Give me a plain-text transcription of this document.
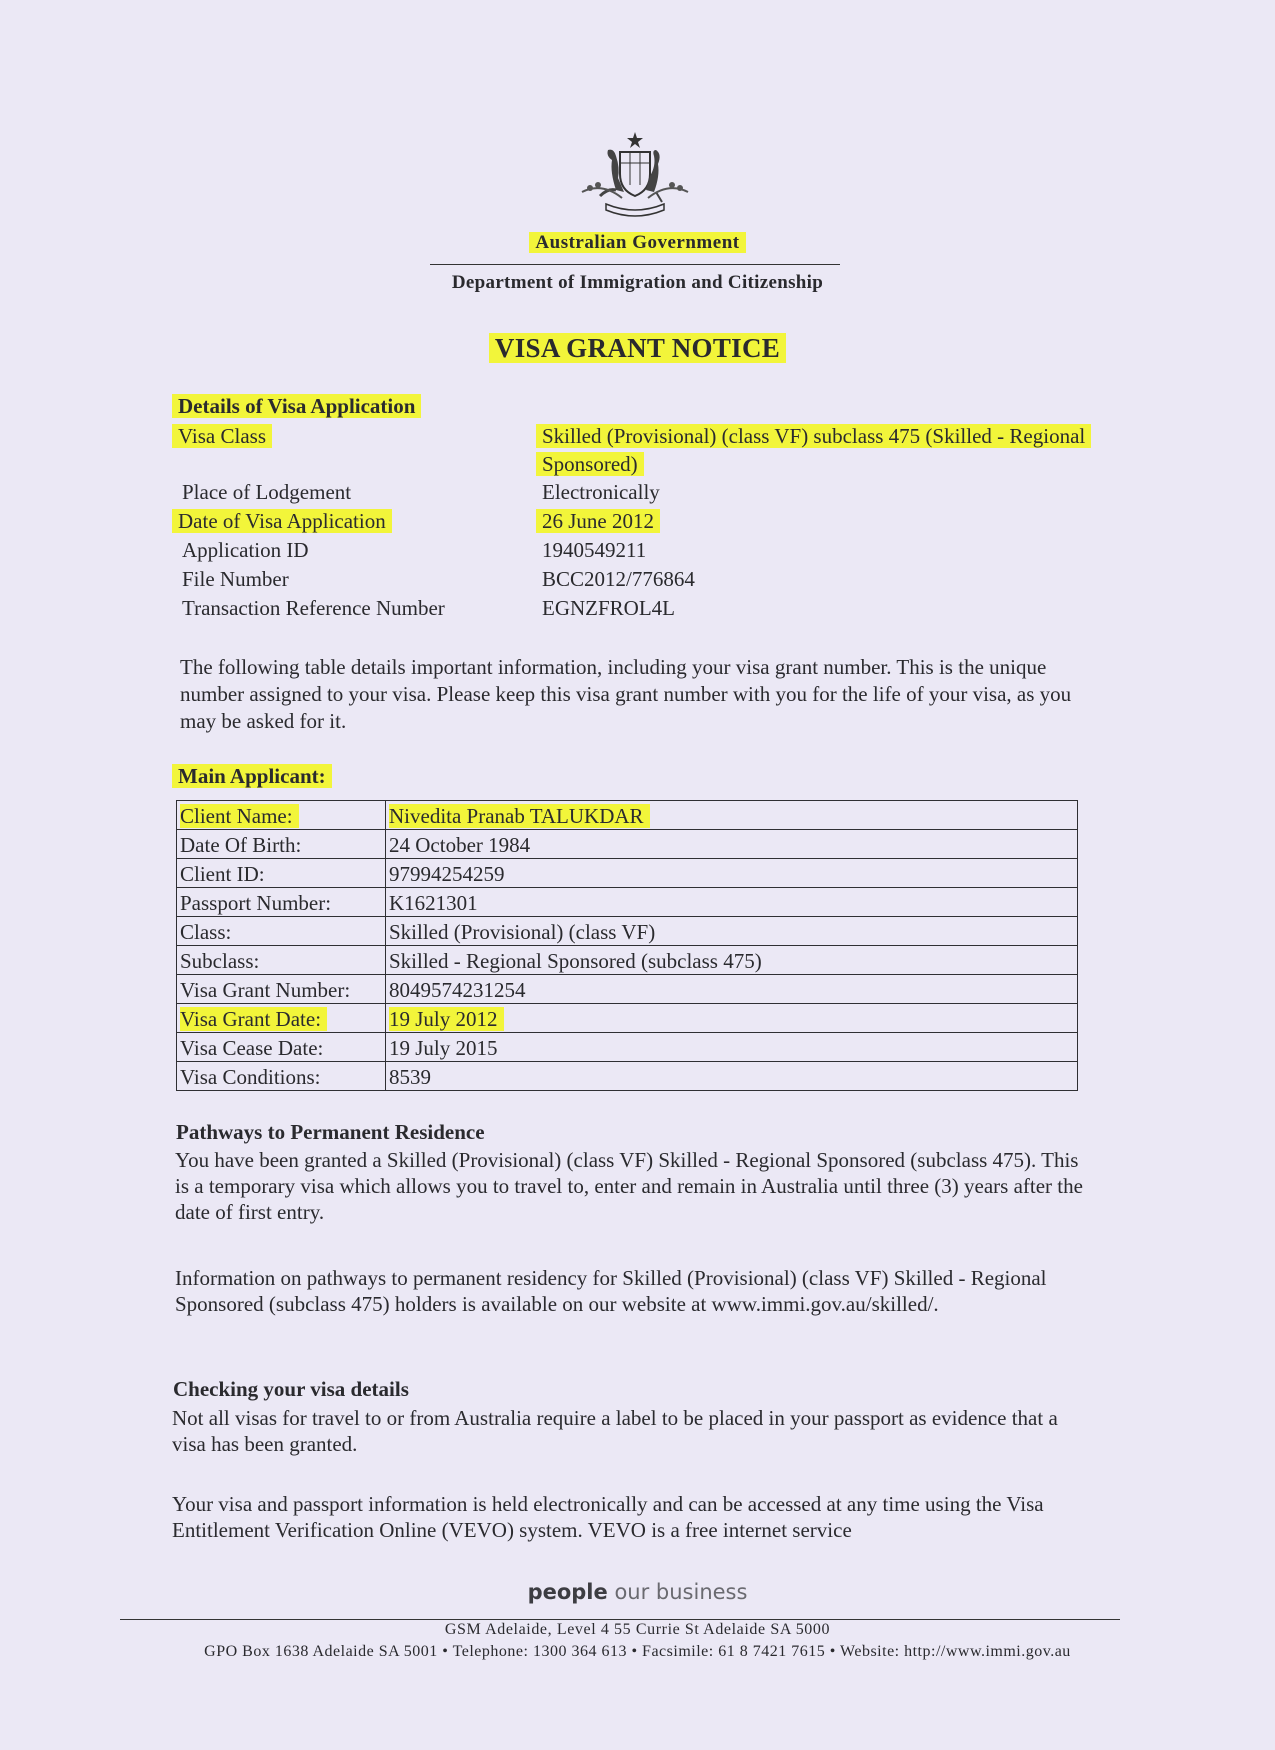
Australian Government
Department of Immigration and Citizenship
VISA GRANT NOTICE
Details of Visa Application
Visa Class	Skilled (Provisional) (class VF) subclass 475 (Skilled - Regional Sponsored)
Place of Lodgement	Electronically
Date of Visa Application	26 June 2012
Application ID	1940549211
File Number	BCC2012/776864
Transaction Reference Number	EGNZFROL4L
The following table details important information, including your visa grant number. This is the unique number assigned to your visa. Please keep this visa grant number with you for the life of your visa, as you may be asked for it.
Main Applicant:
Client Name:	Nivedita Pranab TALUKDAR
Date Of Birth:	24 October 1984
Client ID:	97994254259
Passport Number:	K1621301
Class:	Skilled (Provisional) (class VF)
Subclass:	Skilled - Regional Sponsored (subclass 475)
Visa Grant Number:	8049574231254
Visa Grant Date:	19 July 2012
Visa Cease Date:	19 July 2015
Visa Conditions:	8539
Pathways to Permanent Residence
You have been granted a Skilled (Provisional) (class VF) Skilled - Regional Sponsored (subclass 475). This is a temporary visa which allows you to travel to, enter and remain in Australia until three (3) years after the date of first entry.
Information on pathways to permanent residency for Skilled (Provisional) (class VF) Skilled - Regional Sponsored (subclass 475) holders is available on our website at www.immi.gov.au/skilled/.
Checking your visa details
Not all visas for travel to or from Australia require a label to be placed in your passport as evidence that a visa has been granted.
Your visa and passport information is held electronically and can be accessed at any time using the Visa Entitlement Verification Online (VEVO) system. VEVO is a free internet service
people our business
GSM Adelaide, Level 4 55 Currie St Adelaide SA 5000
GPO Box 1638 Adelaide SA 5001 • Telephone: 1300 364 613 • Facsimile: 61 8 7421 7615 • Website: http://www.immi.gov.au
